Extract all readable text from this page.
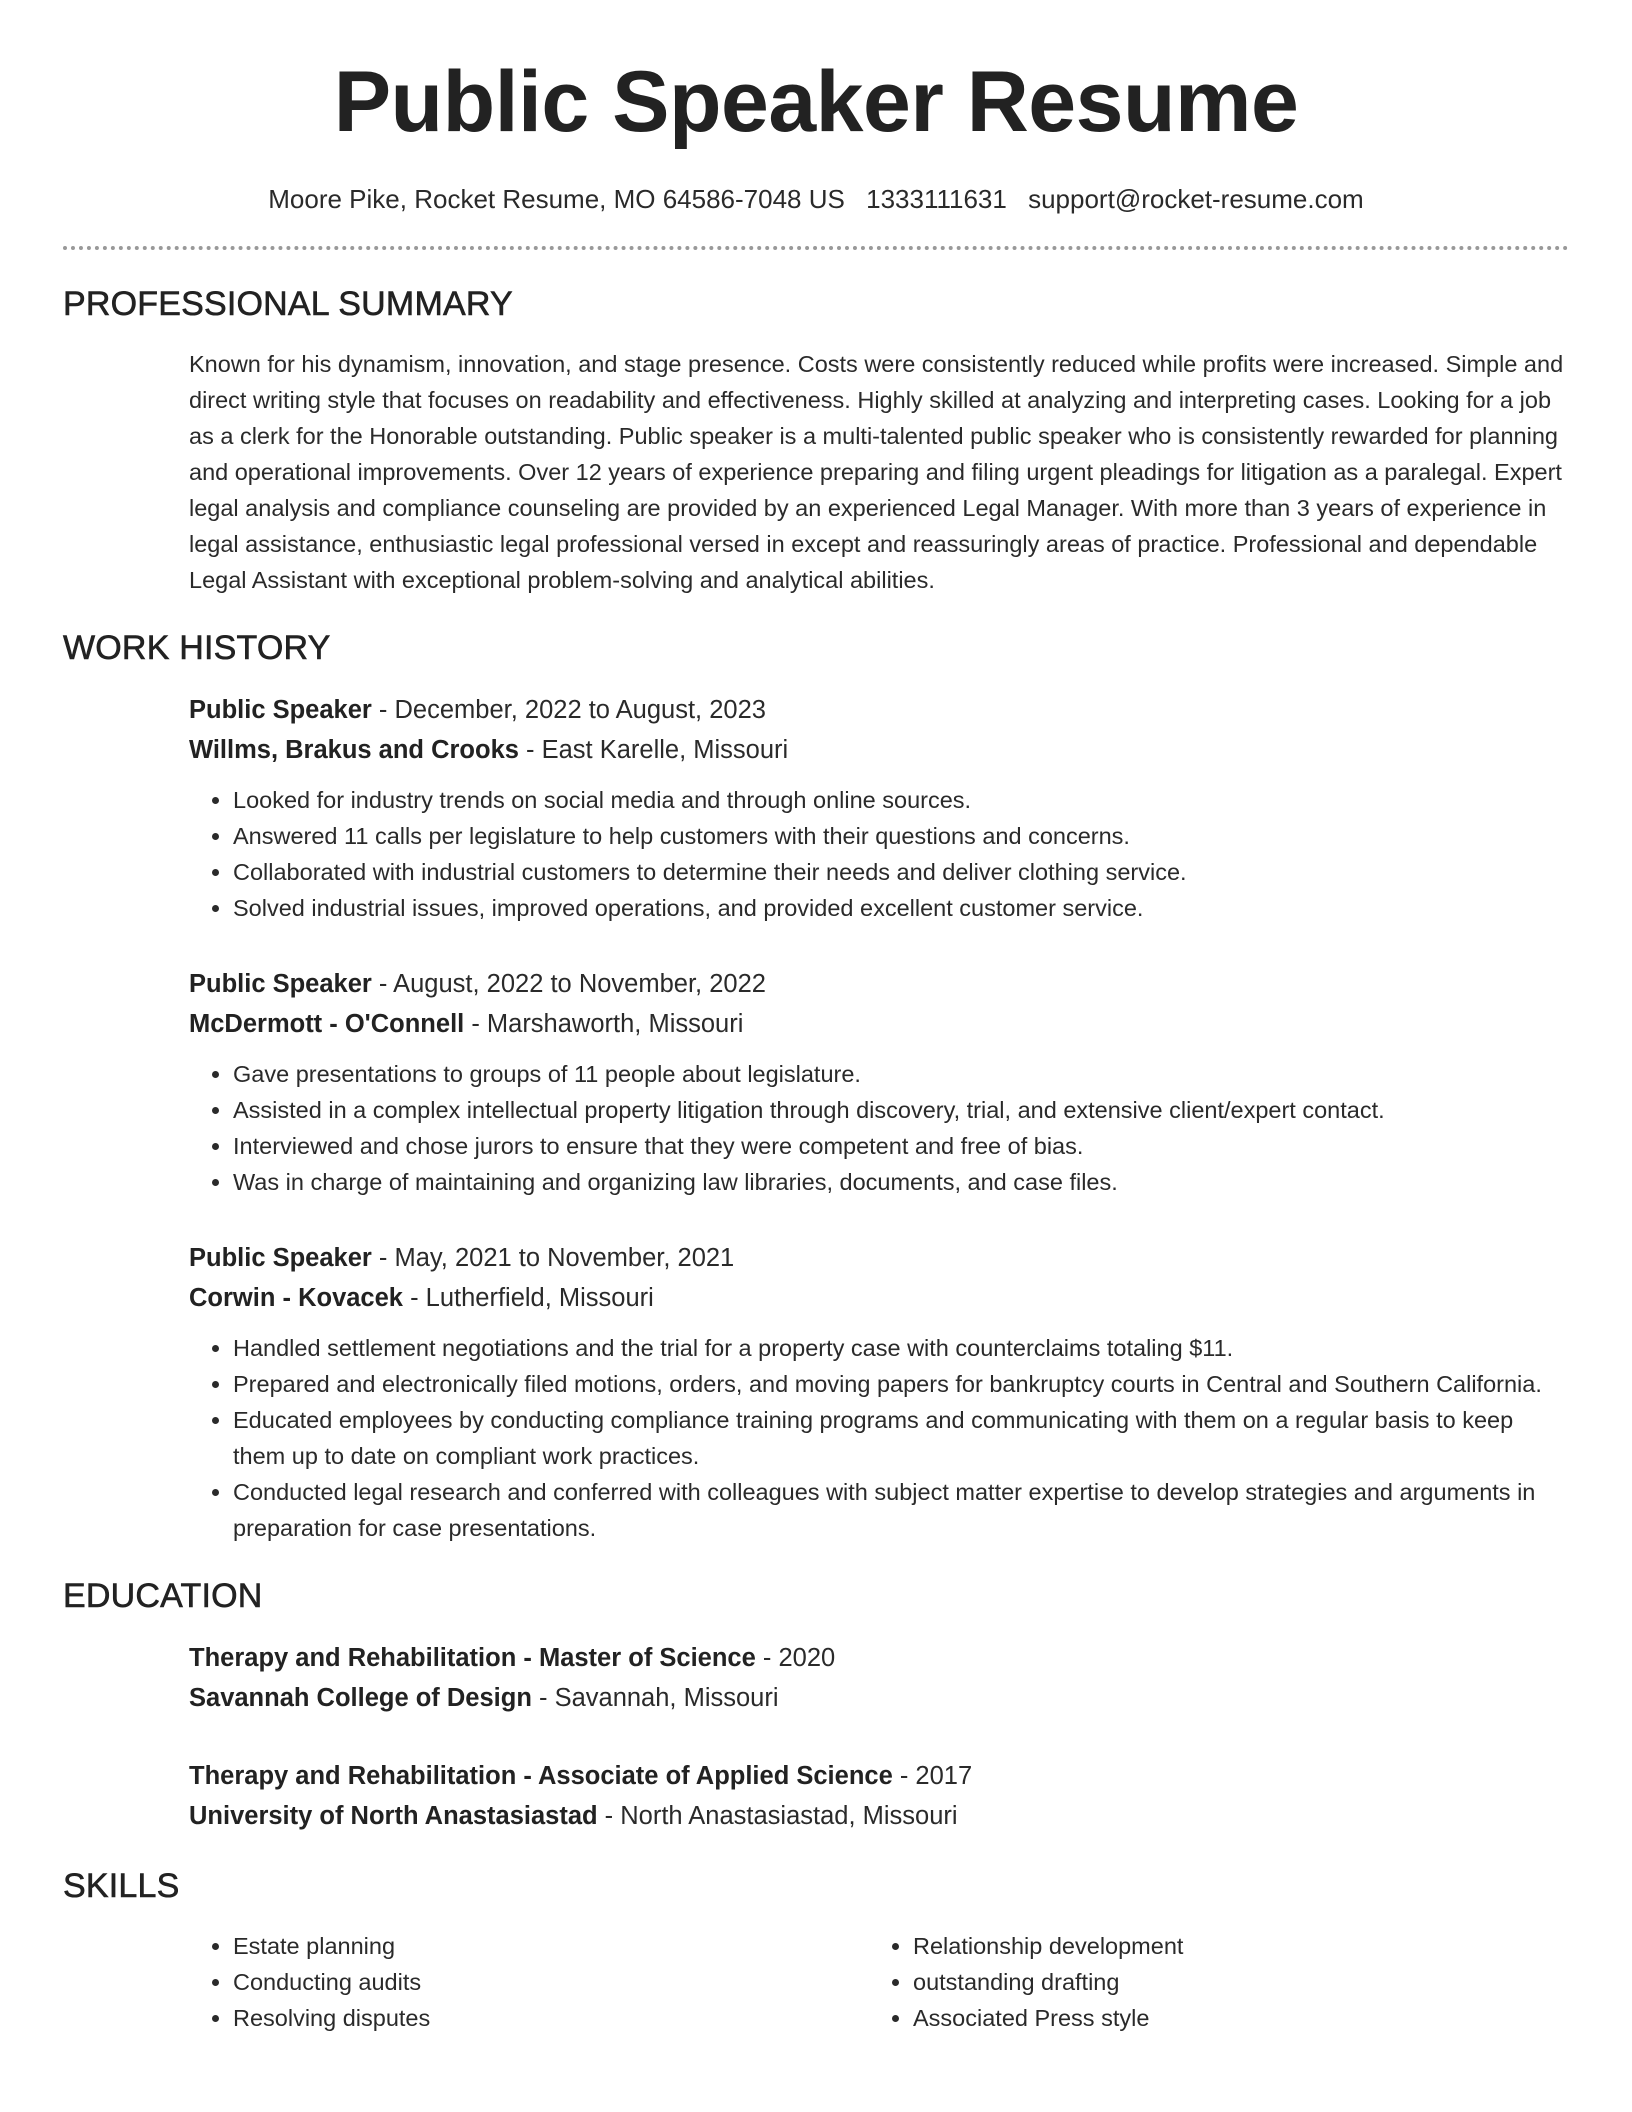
Public Speaker Resume
Moore Pike, Rocket Resume, MO 64586-7048 US 1333111631 support@rocket-resume.com
PROFESSIONAL SUMMARY

Known for his dynamism, innovation, and stage presence. Costs were consistently reduced while profits were increased. Simple and direct writing style that focuses on readability and effectiveness. Highly skilled at analyzing and interpreting cases. Looking for a job as a clerk for the Honorable outstanding. Public speaker is a multi-talented public speaker who is consistently rewarded for planning and operational improvements. Over 12 years of experience preparing and filing urgent pleadings for litigation as a paralegal. Expert legal analysis and compliance counseling are provided by an experienced Legal Manager. With more than 3 years of experience in legal assistance, enthusiastic legal professional versed in except and reassuringly areas of practice. Professional and dependable Legal Assistant with exceptional problem-solving and analytical abilities.

WORK HISTORY
Public Speaker - December, 2022 to August, 2023
Willms, Brakus and Crooks - East Karelle, Missouri
• Looked for industry trends on social media and through online sources.
• Answered 11 calls per legislature to help customers with their questions and concerns.
• Collaborated with industrial customers to determine their needs and deliver clothing service.
• Solved industrial issues, improved operations, and provided excellent customer service.
Public Speaker - August, 2022 to November, 2022
McDermott - O'Connell - Marshaworth, Missouri
• Gave presentations to groups of 11 people about legislature.
• Assisted in a complex intellectual property litigation through discovery, trial, and extensive client/expert contact.
• Interviewed and chose jurors to ensure that they were competent and free of bias.
• Was in charge of maintaining and organizing law libraries, documents, and case files.
Public Speaker - May, 2021 to November, 2021
Corwin - Kovacek - Lutherfield, Missouri
• Handled settlement negotiations and the trial for a property case with counterclaims totaling $11.
• Prepared and electronically filed motions, orders, and moving papers for bankruptcy courts in Central and Southern California.
• Educated employees by conducting compliance training programs and communicating with them on a regular basis to keep them up to date on compliant work practices.
• Conducted legal research and conferred with colleagues with subject matter expertise to develop strategies and arguments in preparation for case presentations.
EDUCATION
Therapy and Rehabilitation - Master of Science - 2020
Savannah College of Design - Savannah, Missouri
Therapy and Rehabilitation - Associate of Applied Science - 2017
University of North Anastasiastad - North Anastasiastad, Missouri
SKILLS
• Estate planning
• Conducting audits
• Resolving disputes
• Relationship development
• outstanding drafting
• Associated Press style
